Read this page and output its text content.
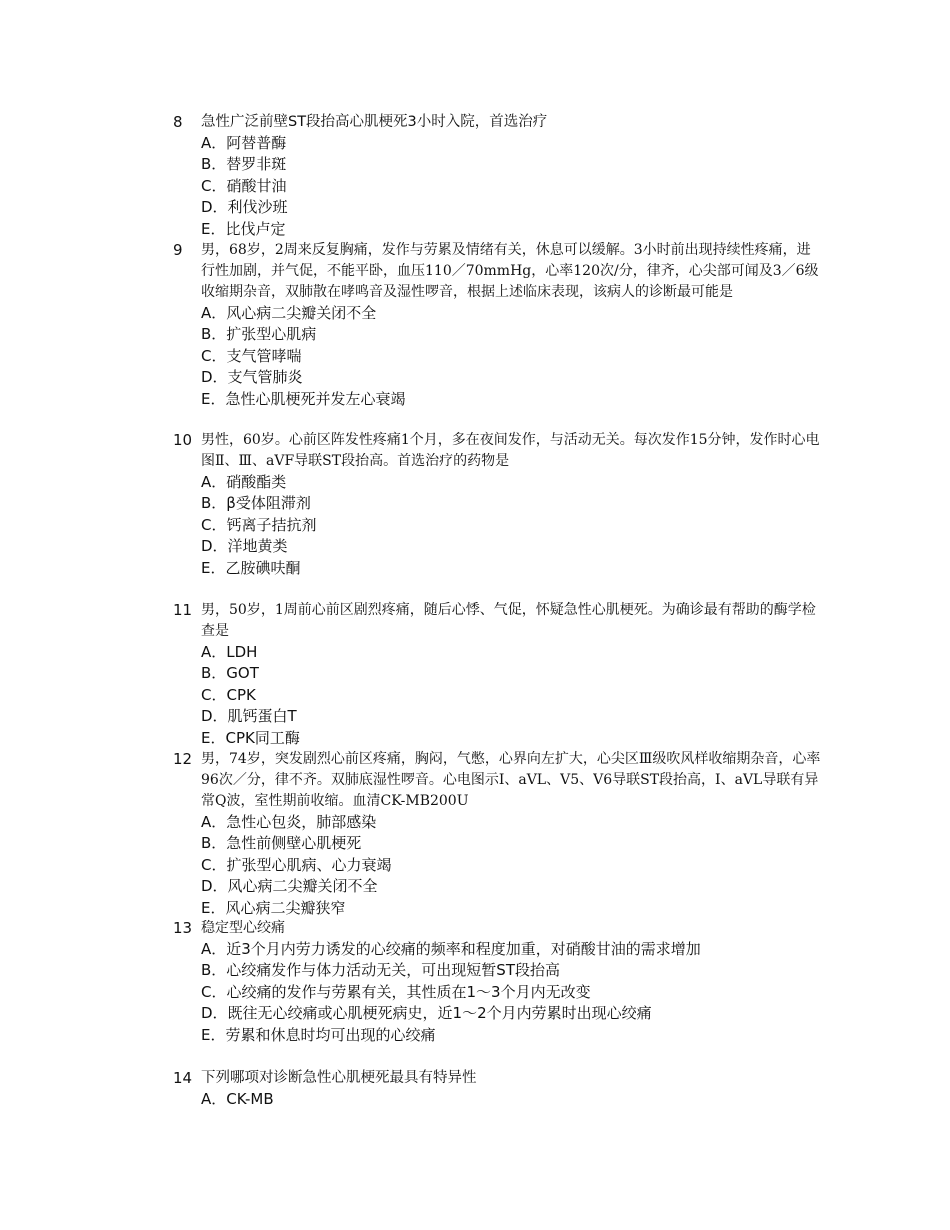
8 急性广泛前壁ST段抬高心肌梗死3小时入院，首选治疗
A．阿替普酶
B．替罗非斑
C．硝酸甘油
D．利伐沙班
E．比伐卢定
9 男，68岁，2周来反复胸痛，发作与劳累及情绪有关，休息可以缓解。3小时前出现持续性疼痛，进行性加剧，并气促，不能平卧，血压110／70mmHg，心率120次/分，律齐，心尖部可闻及3／6级收缩期杂音，双肺散在哮鸣音及湿性啰音，根据上述临床表现，该病人的诊断最可能是
A．风心病二尖瓣关闭不全
B．扩张型心肌病
C．支气管哮喘
D．支气管肺炎
E．急性心肌梗死并发左心衰竭
10 男性，60岁。心前区阵发性疼痛1个月，多在夜间发作，与活动无关。每次发作15分钟，发作时心电图Ⅱ、Ⅲ、aVF导联ST段抬高。首选治疗的药物是
A．硝酸酯类
B．β受体阻滞剂
C．钙离子拮抗剂
D．洋地黄类
E．乙胺碘呋酮
11 男，50岁，1周前心前区剧烈疼痛，随后心悸、气促，怀疑急性心肌梗死。为确诊最有帮助的酶学检查是
A．LDH
B．GOT
C．CPK
D．肌钙蛋白T
E．CPK同工酶
12 男，74岁，突发剧烈心前区疼痛，胸闷，气憋，心界向左扩大，心尖区Ⅲ级吹风样收缩期杂音，心率96次／分，律不齐。双肺底湿性啰音。心电图示Ⅰ、aVL、V5、V6导联ST段抬高，Ⅰ、aVL导联有异常Q波，室性期前收缩。血清CK-MB200U
A．急性心包炎，肺部感染
B．急性前侧壁心肌梗死
C．扩张型心肌病、心力衰竭
D．风心病二尖瓣关闭不全
E．风心病二尖瓣狭窄
13 稳定型心绞痛
A．近3个月内劳力诱发的心绞痛的频率和程度加重，对硝酸甘油的需求增加
B．心绞痛发作与体力活动无关，可出现短暂ST段抬高
C．心绞痛的发作与劳累有关，其性质在1～3个月内无改变
D．既往无心绞痛或心肌梗死病史，近1～2个月内劳累时出现心绞痛
E．劳累和休息时均可出现的心绞痛
14 下列哪项对诊断急性心肌梗死最具有特异性
A．CK-MB
